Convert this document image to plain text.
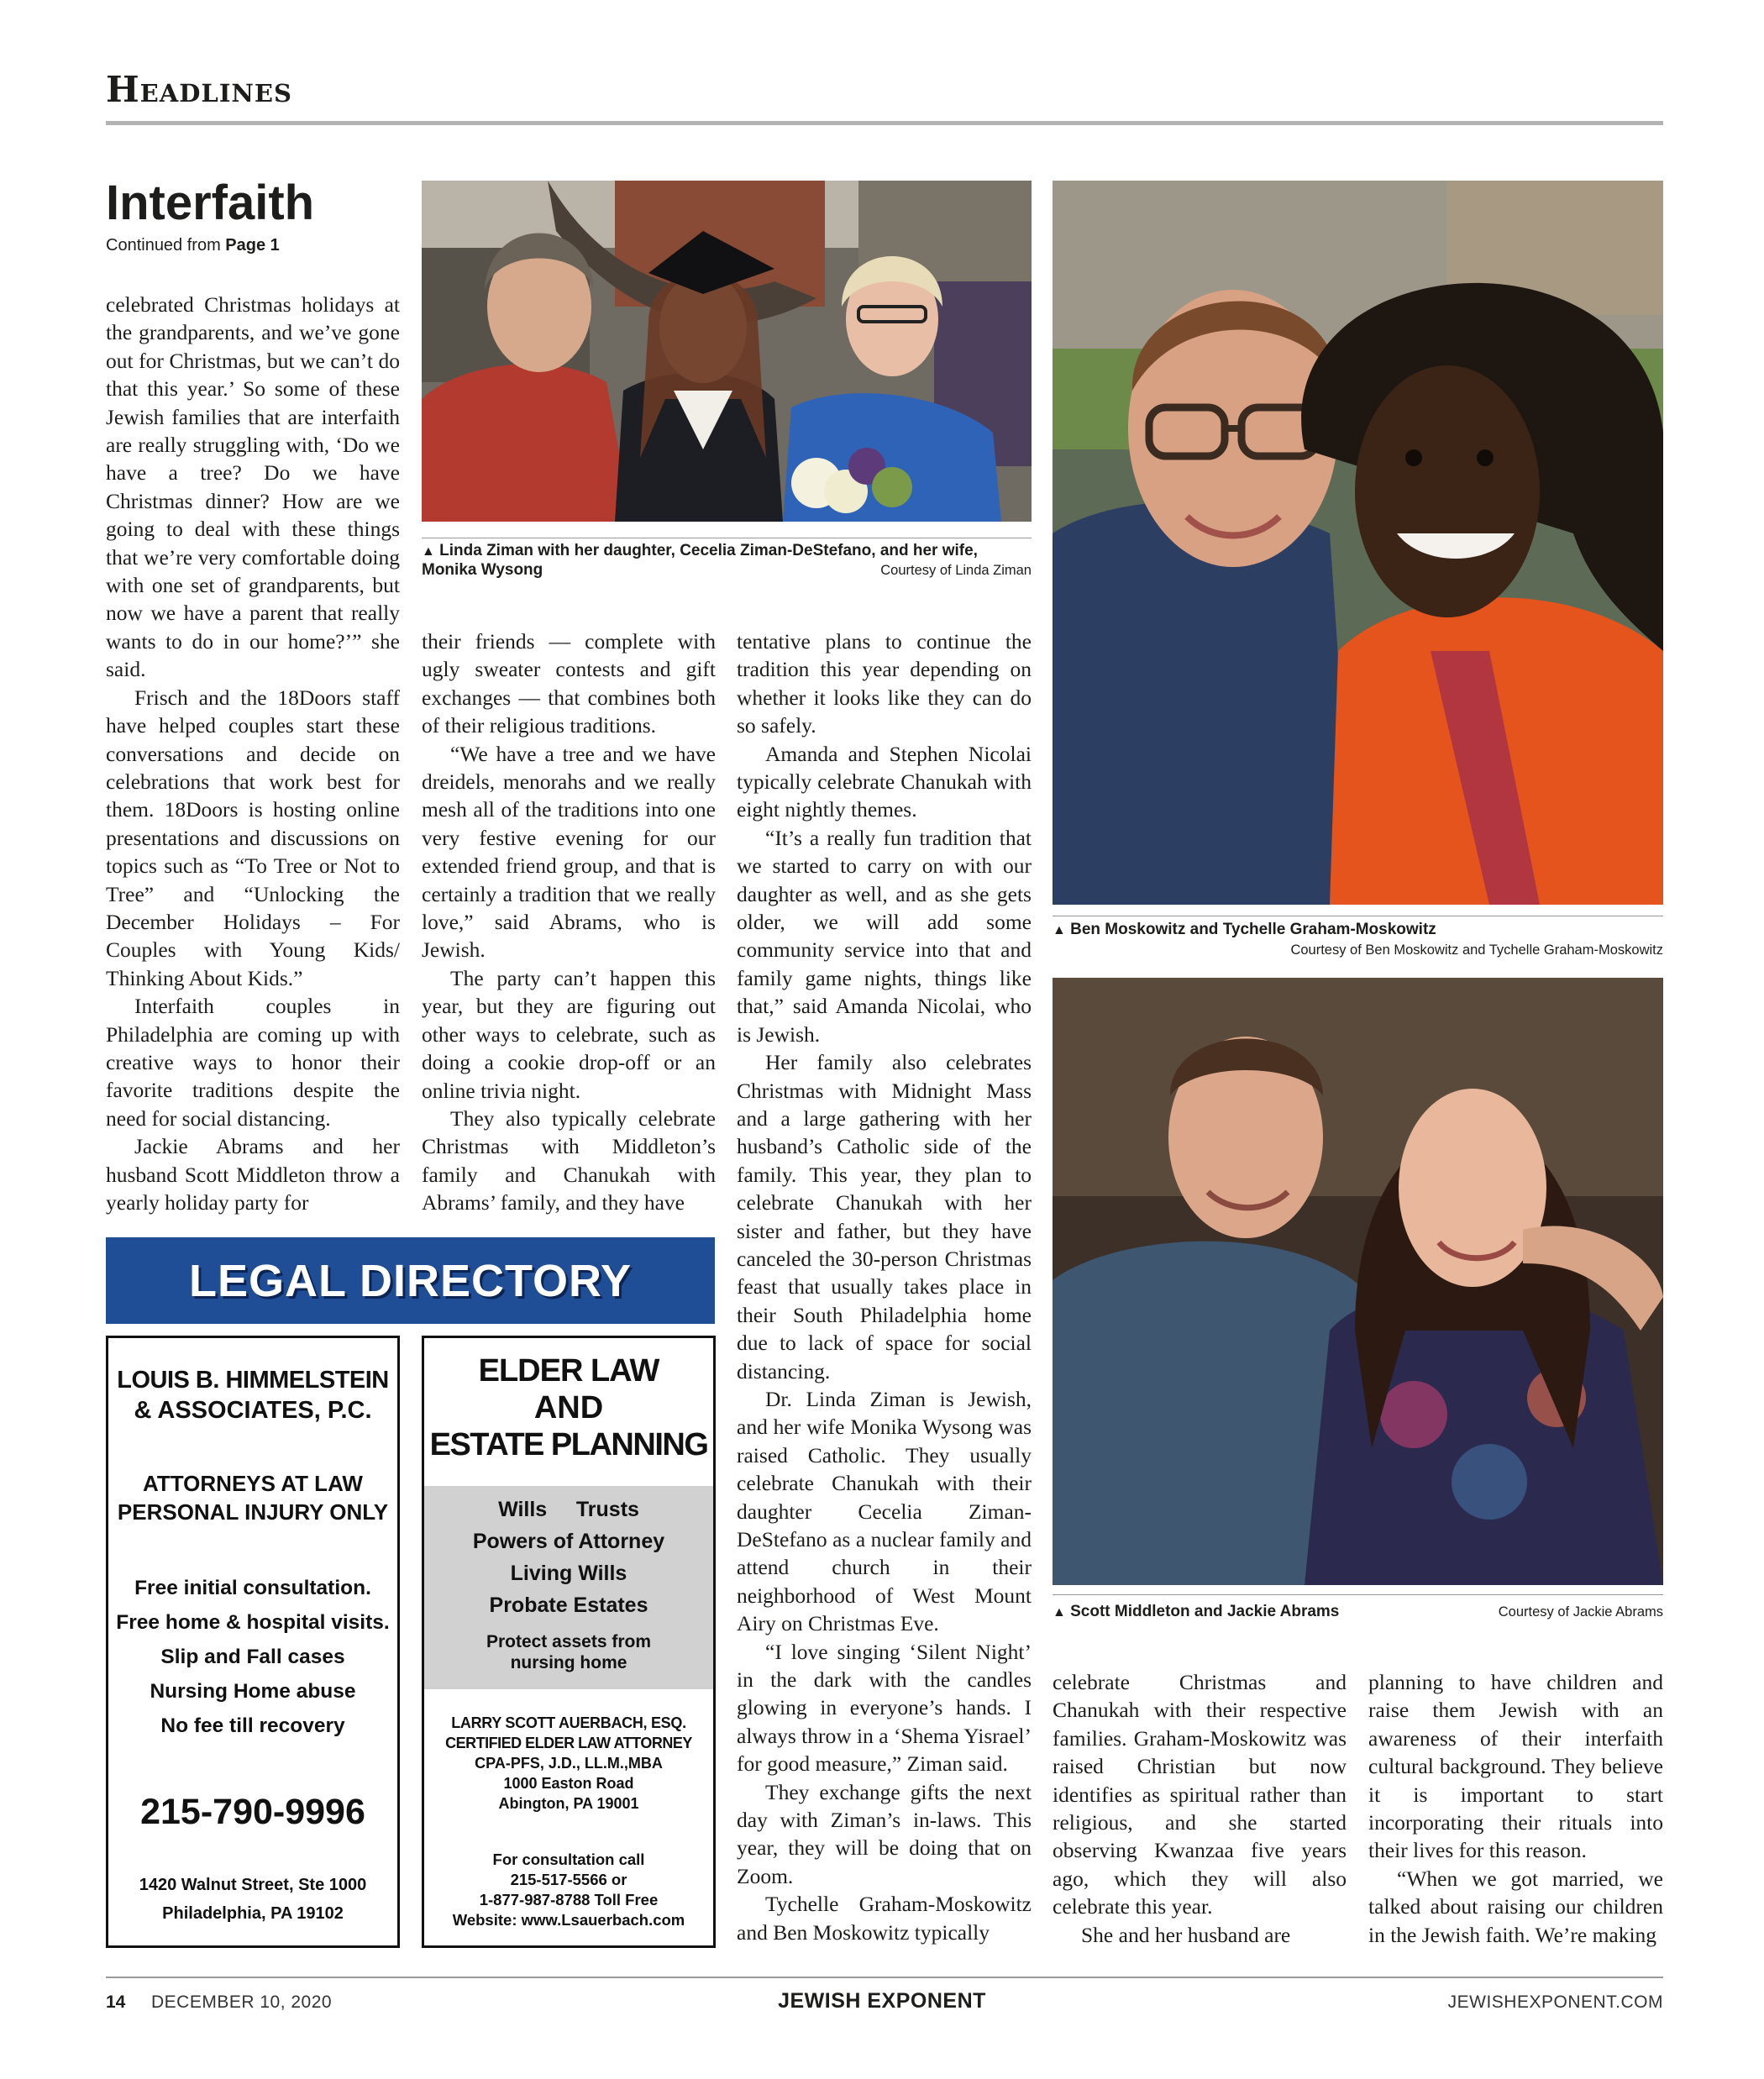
Headlines
Interfaith
Continued from Page 1

celebrated Christmas holidays at the grandparents, and we’ve gone out for Christmas, but we can’t do that this year.’ So some of these Jewish families that are interfaith are really struggling with, ‘Do we have a tree? Do we have Christmas dinner? How are we going to deal with these things that we’re very comfortable doing with one set of grandparents, but now we have a parent that really wants to do in our home?’” she said.

Frisch and the 18Doors staff have helped couples start these conversations and decide on celebrations that work best for them. 18Doors is hosting online presentations and discussions on topics such as “To Tree or Not to Tree” and “Unlocking the December Holidays – For Couples with Young Kids/ Thinking About Kids.”

Interfaith couples in Philadelphia are coming up with creative ways to honor their favorite traditions despite the need for social distancing.

Jackie Abrams and her husband Scott Middleton throw a yearly holiday party for

their friends — complete with ugly sweater contests and gift exchanges — that combines both of their religious traditions.

“We have a tree and we have dreidels, menorahs and we really mesh all of the traditions into one very festive evening for our extended friend group, and that is certainly a tradition that we really love,” said Abrams, who is Jewish.

The party can’t happen this year, but they are figuring out other ways to celebrate, such as doing a cookie drop-off or an online trivia night.

They also typically celebrate Christmas with Middleton’s family and Chanukah with Abrams’ family, and they have

tentative plans to continue the tradition this year depending on whether it looks like they can do so safely.

Amanda and Stephen Nicolai typically celebrate Chanukah with eight nightly themes.

“It’s a really fun tradition that we started to carry on with our daughter as well, and as she gets older, we will add some community service into that and family game nights, things like that,” said Amanda Nicolai, who is Jewish.

Her family also celebrates Christmas with Midnight Mass and a large gathering with her husband’s Catholic side of the family. This year, they plan to celebrate Chanukah with her sister and father, but they have canceled the 30-person Christmas feast that usually takes place in their South Philadelphia home due to lack of space for social distancing.

Dr. Linda Ziman is Jewish, and her wife Monika Wysong was raised Catholic. They usually celebrate Chanukah with their daughter Cecelia Ziman-DeStefano as a nuclear family and attend church in their neighborhood of West Mount Airy on Christmas Eve.

“I love singing ‘Silent Night’ in the dark with the candles glowing in everyone’s hands. I always throw in a ‘Shema Yisrael’ for good measure,” Ziman said.

They exchange gifts the next day with Ziman’s in-laws. This year, they will be doing that on Zoom.

Tychelle Graham-Moskowitz and Ben Moskowitz typically

celebrate Christmas and Chanukah with their respective families. Graham-Moskowitz was raised Christian but now identifies as spiritual rather than religious, and she started observing Kwanzaa five years ago, which they will also celebrate this year.

She and her husband are

planning to have children and raise them Jewish with an awareness of their interfaith cultural background. They believe it is important to start incorporating their rituals into their lives for this reason.

“When we got married, we talked about raising our children in the Jewish faith. We’re making

▲ Linda Ziman with her daughter, Cecelia Ziman-DeStefano, and her wife, Monika Wysong	Courtesy of Linda Ziman
▲ Ben Moskowitz and Tychelle Graham-Moskowitz
Courtesy of Ben Moskowitz and Tychelle Graham-Moskowitz
▲ Scott Middleton and Jackie Abrams	Courtesy of Jackie Abrams
LEGAL DIRECTORY
LOUIS B. HIMMELSTEIN
& ASSOCIATES, P.C.
ATTORNEYS AT LAW
PERSONAL INJURY ONLY
Free initial consultation.
Free home & hospital visits.
Slip and Fall cases
Nursing Home abuse
No fee till recovery
215-790-9996
1420 Walnut Street, Ste 1000
Philadelphia, PA 19102
ELDER LAW
AND
ESTATE PLANNING
Wills     Trusts
Powers of Attorney
Living Wills
Probate Estates
Protect assets from
nursing home
LARRY SCOTT AUERBACH, ESQ.
CERTIFIED ELDER LAW ATTORNEY
CPA-PFS, J.D., LL.M.,MBA
1000 Easton Road
Abington, PA 19001
For consultation call
215-517-5566 or
1-877-987-8788 Toll Free
Website: www.Lsauerbach.com
14 DECEMBER 10, 2020	JEWISH EXPONENT	JEWISHEXPONENT.COM
